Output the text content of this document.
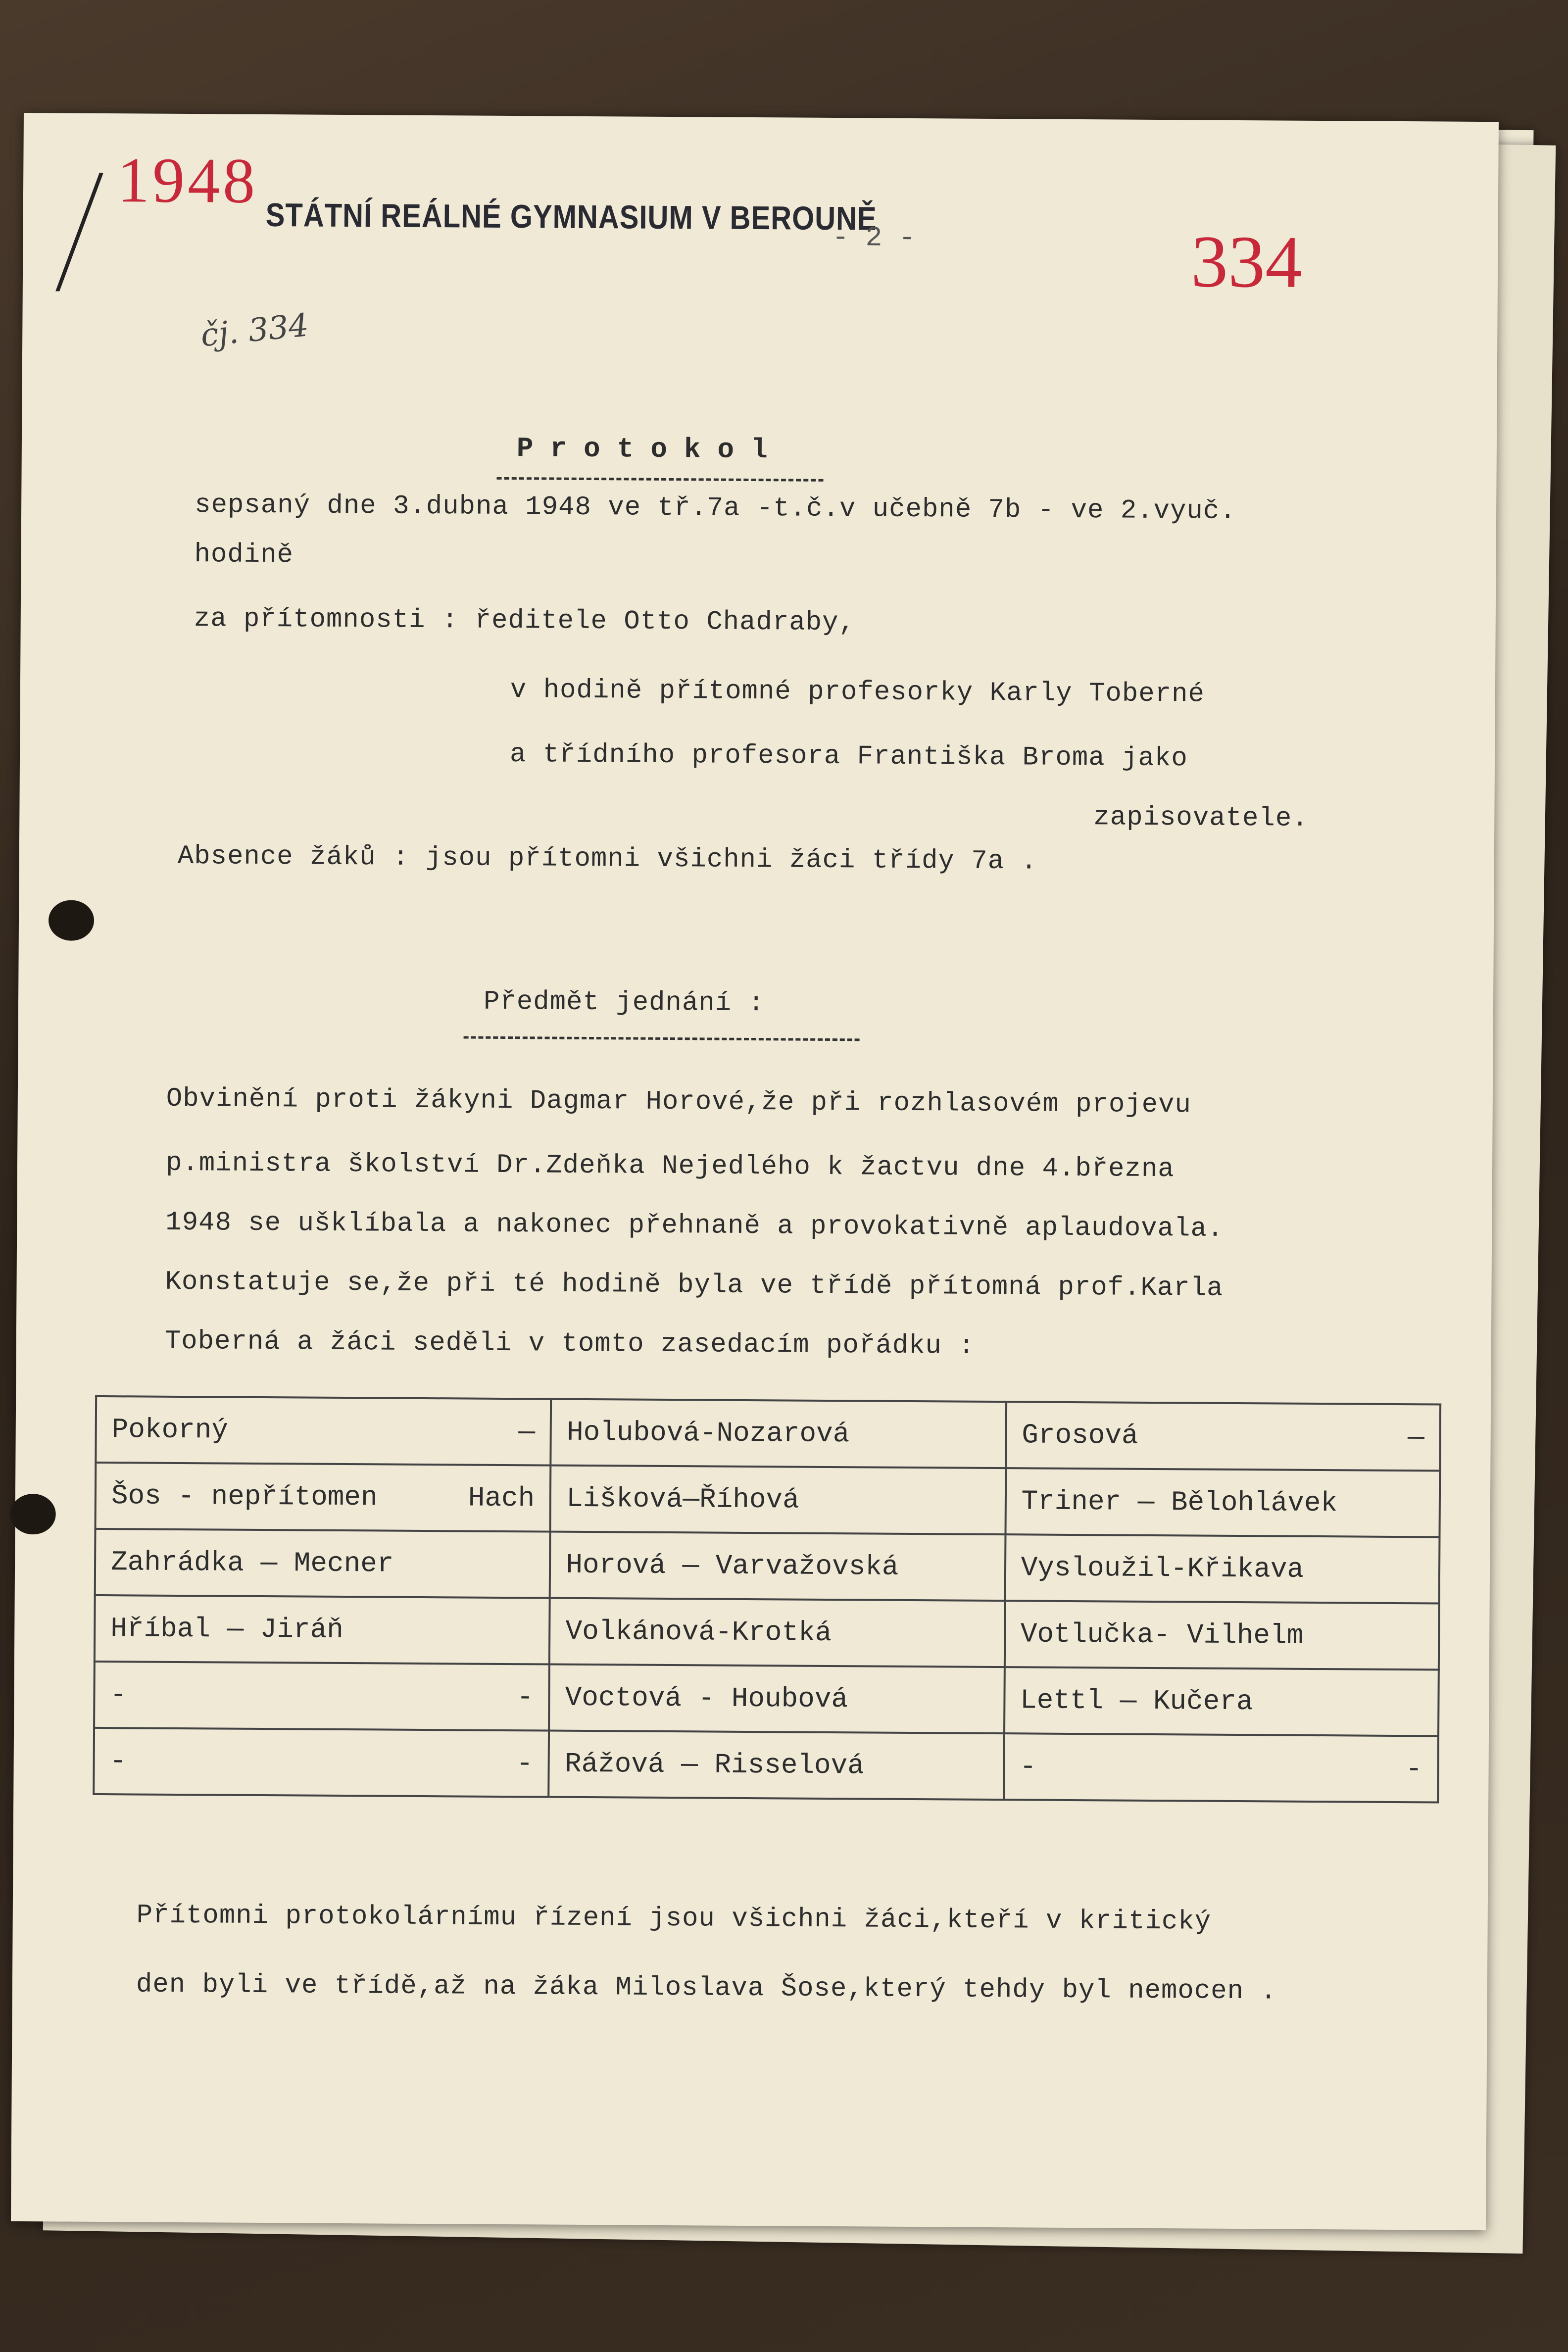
1948
334
čj. 334
STÁTNÍ REÁLNÉ GYMNASIUM V BEROUNĚ
- 2 -
Protokol
sepsaný dne 3.dubna 1948 ve tř.7a -t.č.v učebně 7b - ve 2.vyuč.
hodině
za přítomnosti : ředitele Otto Chadraby,
v hodině přítomné profesorky Karly Toberné
a třídního profesora Františka Broma jako
zapisovatele.
Absence žáků : jsou přítomni všichni žáci třídy 7a .
Předmět jednání :
Obvinění proti žákyni Dagmar Horové,že při rozhlasovém projevu
p.ministra školství Dr.Zdeňka Nejedlého k žactvu dne 4.března
1948 se ušklíbala a nakonec přehnaně a provokativně aplaudovala.
Konstatuje se,že při té hodině byla ve třídě přítomná prof.Karla
Toberná a žáci seděli v tomto zasedacím pořádku :
Pokorný —	Holubová-Nozarová	Grosová —

Šos - nepřítomen Hach	Lišková—Říhová	Triner — Bělohlávek

Zahrádka — Mecner	Horová — Varvažovská	Vysloužil-Křikava

Hříbal — Jiráň	Volkánová-Krotká	Votlučka- Vilhelm

- -	Voctová - Houbová	Lettl — Kučera

- -	Rážová — Risselová	- -
Přítomni protokolárnímu řízení jsou všichni žáci,kteří v kritický
den byli ve třídě,až na žáka Miloslava Šose,který tehdy byl nemocen .
